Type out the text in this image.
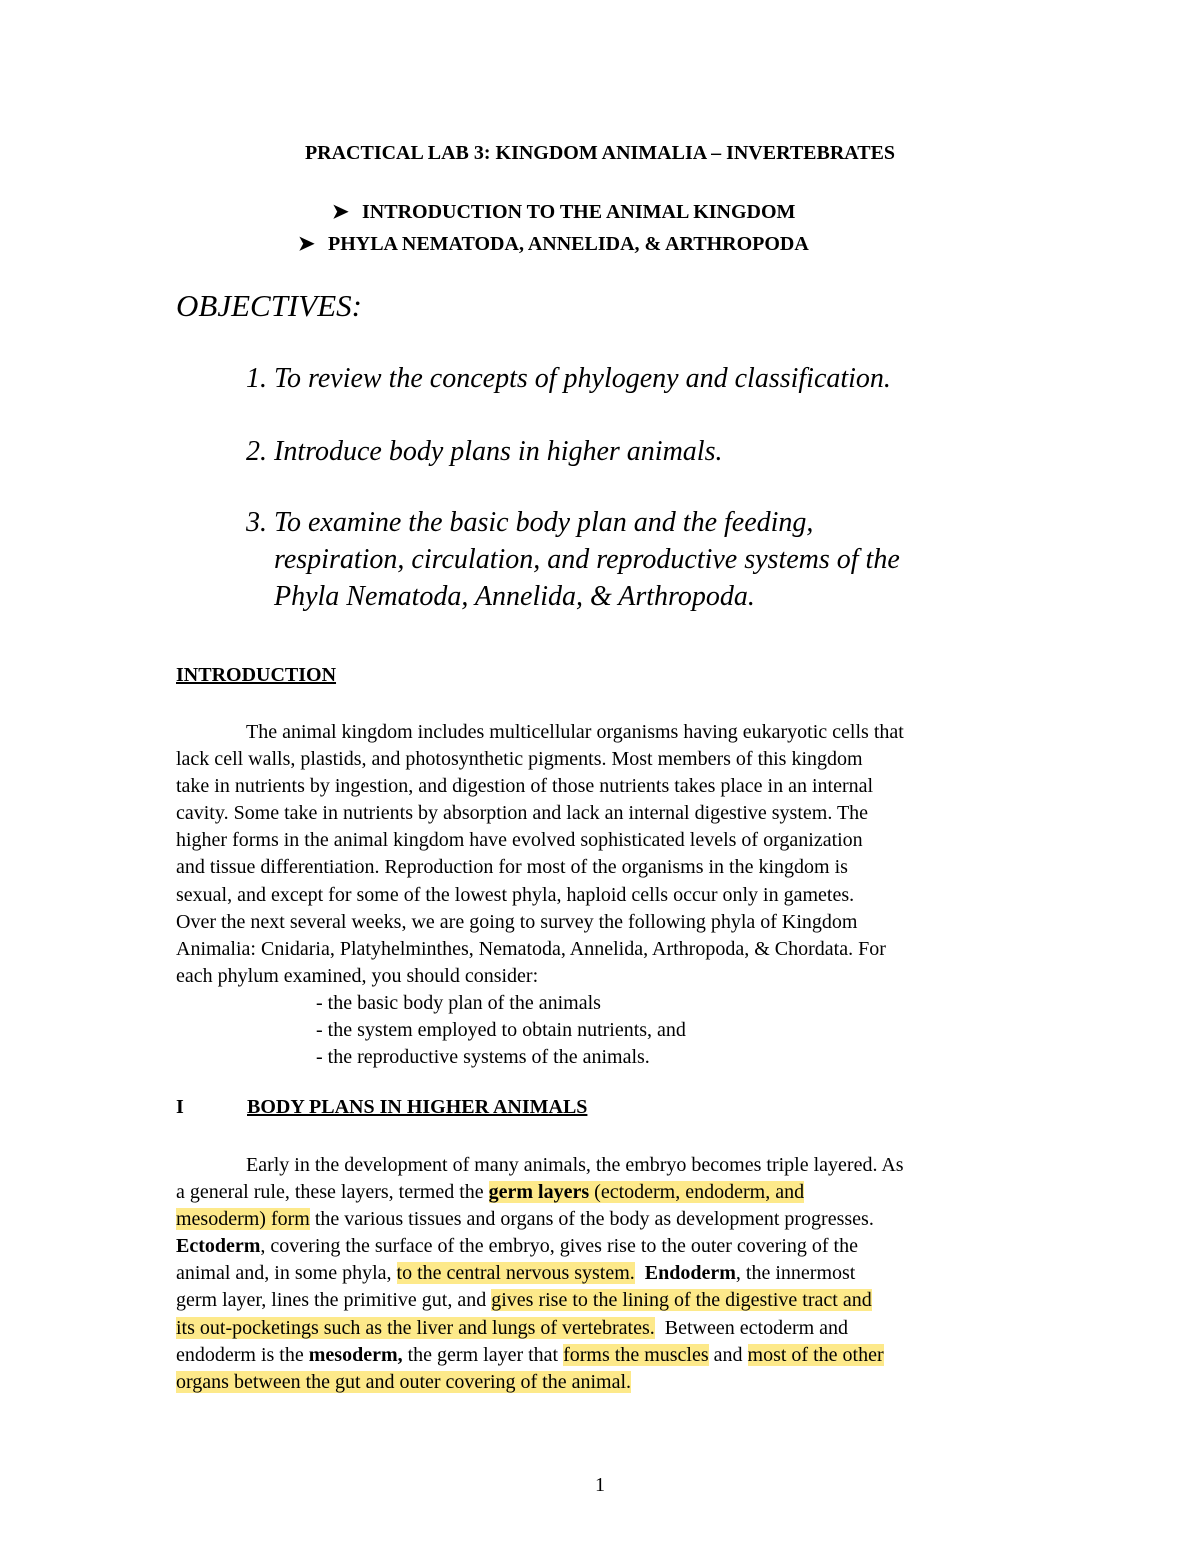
PRACTICAL LAB 3: KINGDOM ANIMALIA – INVERTEBRATES
➤ INTRODUCTION TO THE ANIMAL KINGDOM
➤ PHYLA NEMATODA, ANNELIDA, & ARTHROPODA
OBJECTIVES:
1. To review the concepts of phylogeny and classification.
2. Introduce body plans in higher animals.
3. To examine the basic body plan and the feeding,
respiration, circulation, and reproductive systems of the
Phyla Nematoda, Annelida, & Arthropoda.
INTRODUCTION
The animal kingdom includes multicellular organisms having eukaryotic cells that
lack cell walls, plastids, and photosynthetic pigments. Most members of this kingdom
take in nutrients by ingestion, and digestion of those nutrients takes place in an internal
cavity. Some take in nutrients by absorption and lack an internal digestive system. The
higher forms in the animal kingdom have evolved sophisticated levels of organization
and tissue differentiation. Reproduction for most of the organisms in the kingdom is
sexual, and except for some of the lowest phyla, haploid cells occur only in gametes.
Over the next several weeks, we are going to survey the following phyla of Kingdom
Animalia: Cnidaria, Platyhelminthes, Nematoda, Annelida, Arthropoda, & Chordata. For
each phylum examined, you should consider:
- the basic body plan of the animals
- the system employed to obtain nutrients, and
- the reproductive systems of the animals.
I	BODY PLANS IN HIGHER ANIMALS
Early in the development of many animals, the embryo becomes triple layered. As
a general rule, these layers, termed the germ layers (ectoderm, endoderm, and
mesoderm) form the various tissues and organs of the body as development progresses.
Ectoderm, covering the surface of the embryo, gives rise to the outer covering of the
animal and, in some phyla, to the central nervous system. Endoderm, the innermost
germ layer, lines the primitive gut, and gives rise to the lining of the digestive tract and
its out-pocketings such as the liver and lungs of vertebrates.  Between ectoderm and
endoderm is the mesoderm, the germ layer that forms the muscles and most of the other
organs between the gut and outer covering of the animal.
1
